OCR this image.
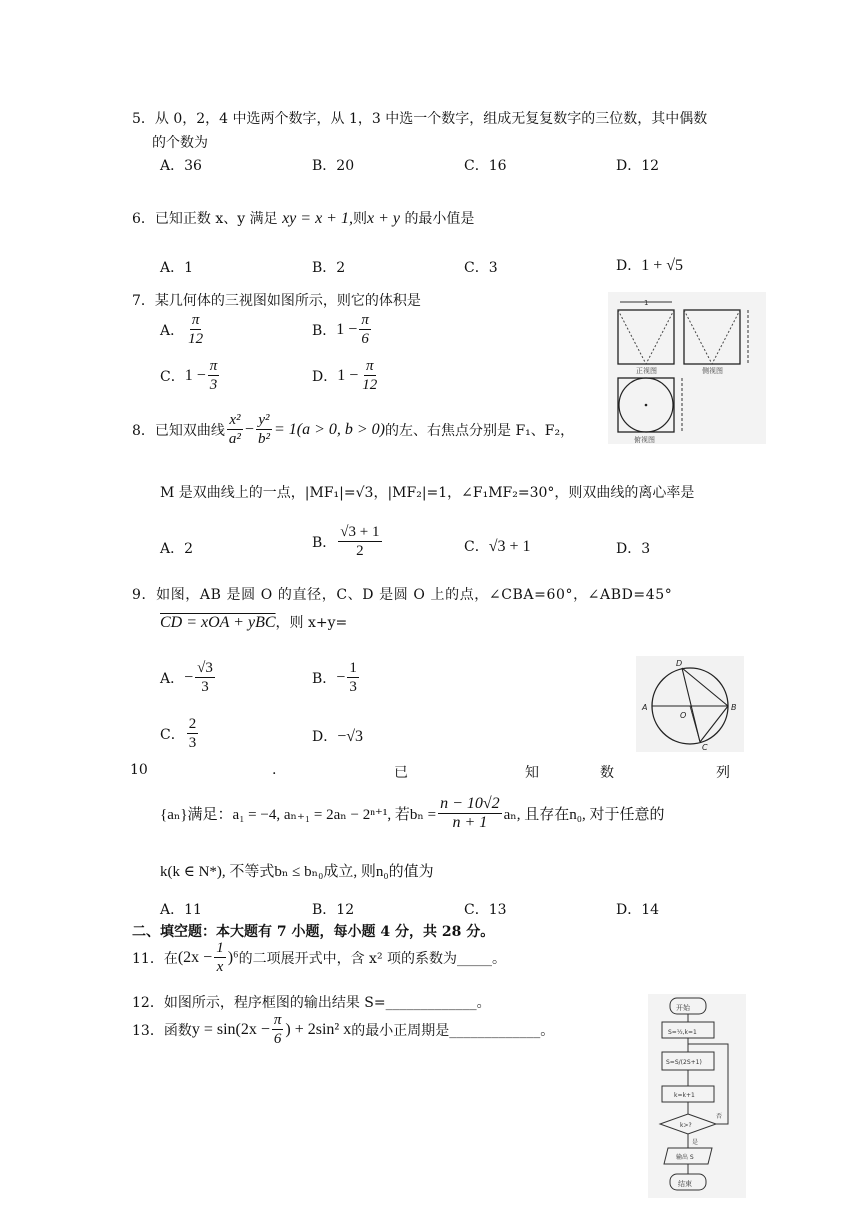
5．从 0，2，4 中选两个数字，从 1，3 中选一个数字，组成无复复数字的三位数，其中偶数
的个数为
A．36	B．20	C．16	D．12
6．已知正数 x、y 满足 xy = x + 1,则x + y 的最小值是
A．1	B．2	C．3	D．1 + √5
7．某几何体的三视图如图所示，则它的体积是
A． $\frac{\pi}{12}$	B． $1 - \frac{\pi}{6}$
C． $1 - \frac{\pi}{3}$	D． $1 - \frac{\pi}{12}$
1
正视图	侧视图
俯视图
8．已知双曲线 $\frac{\text{x²}}{\text{a²}} - \frac{\text{y²}}{\text{b²}} = 1(a > 0$, b > 0) 的左、右焦点分别是 F₁、F₂，
M 是双曲线上的一点，|MF₁|=√3，|MF₂|=1，∠F₁MF₂=30°，则双曲线的离心率是
A．2	B． $\frac{√3 + 1}{2}$	C．√3 + 1	D．3
9．如图，AB 是圆 O 的直径，C、D 是圆 O 上的点，∠CBA=60°，∠ABD=45°
CD = xOA + yBC，则 x+y=
A． − $\frac{√3}{3}$	B． − $\frac{1}{3}$
C． $\frac{2}{3}$	D．−√3
A	B
C
D
O
10	.	已	知	数	列
{aₙ}满足：a₁ = −4, aₙ₊₁ = 2aₙ − 2ⁿ⁺¹, 若$b_n = \frac{n - 10√2}{n + 1} a_n$, 且存在n₀, 对于任意的
k(k ∈ N*), 不等式bₙ ≤ bₙ₀成立, 则n₀的值为
A．11	B．12	C．13	D．14
二、填空题：本大题有 7 小题，每小题 4 分，共 28 分。
11．在 $(2x - \frac{1}{x} )^6$ 的二项展开式中，含 x² 项的系数为_____。
12．如图所示，程序框图的输出结果 S=_____________。
13．函数 $y = \sin(2x - \frac{\pi}{6}$ ) + 2sin² x 的最小正周期是_____________。
开始
S=½,k=1
S=S/(2S+1)
k=k+1
k>?
否
是
输出 S
结束
